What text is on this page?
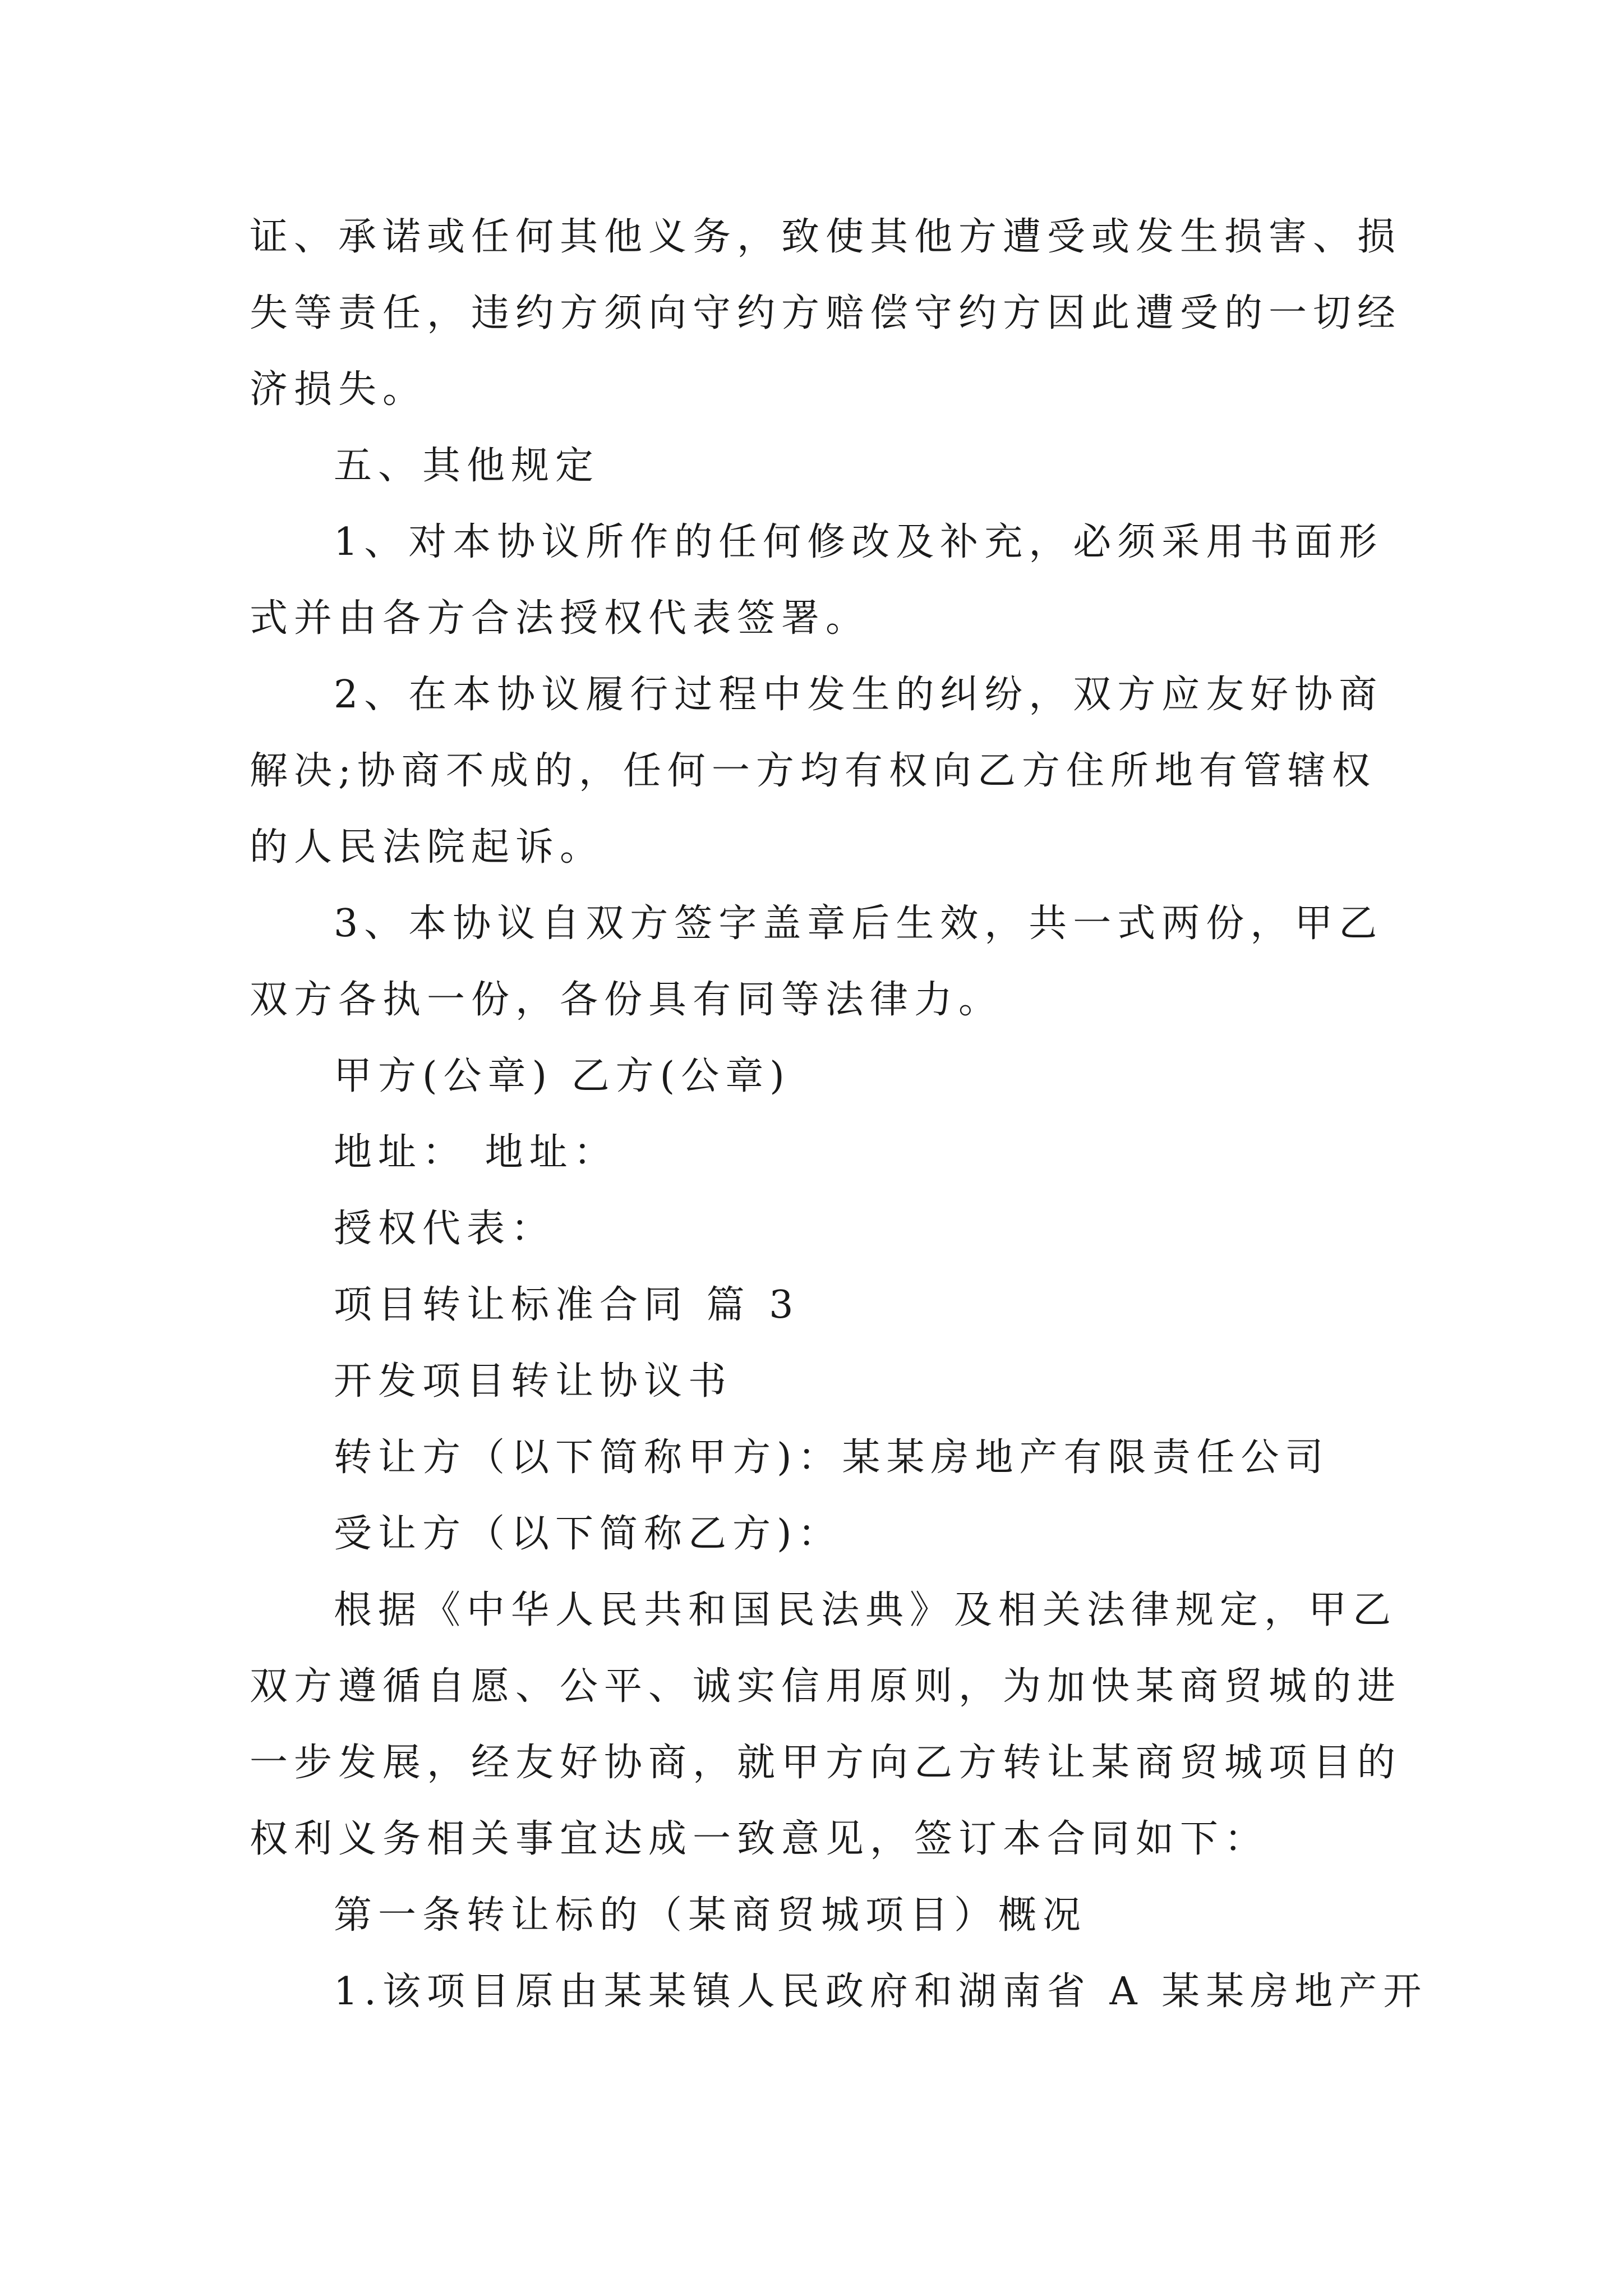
证、承诺或任何其他义务，致使其他方遭受或发生损害、损
失等责任，违约方须向守约方赔偿守约方因此遭受的一切经
济损失。
五、其他规定
1、对本协议所作的任何修改及补充，必须采用书面形
式并由各方合法授权代表签署。
2、在本协议履行过程中发生的纠纷，双方应友好协商
解决;协商不成的，任何一方均有权向乙方住所地有管辖权
的人民法院起诉。
3、本协议自双方签字盖章后生效，共一式两份，甲乙
双方各执一份，各份具有同等法律力。
甲方(公章) 乙方(公章)
地址： 地址：
授权代表：
项目转让标准合同 篇 3
开发项目转让协议书
转让方（以下简称甲方)：某某房地产有限责任公司
受让方（以下简称乙方)：
根据《中华人民共和国民法典》及相关法律规定，甲乙
双方遵循自愿、公平、诚实信用原则，为加快某商贸城的进
一步发展，经友好协商，就甲方向乙方转让某商贸城项目的
权利义务相关事宜达成一致意见，签订本合同如下：
第一条转让标的（某商贸城项目）概况
1.该项目原由某某镇人民政府和湖南省 A 某某房地产开
